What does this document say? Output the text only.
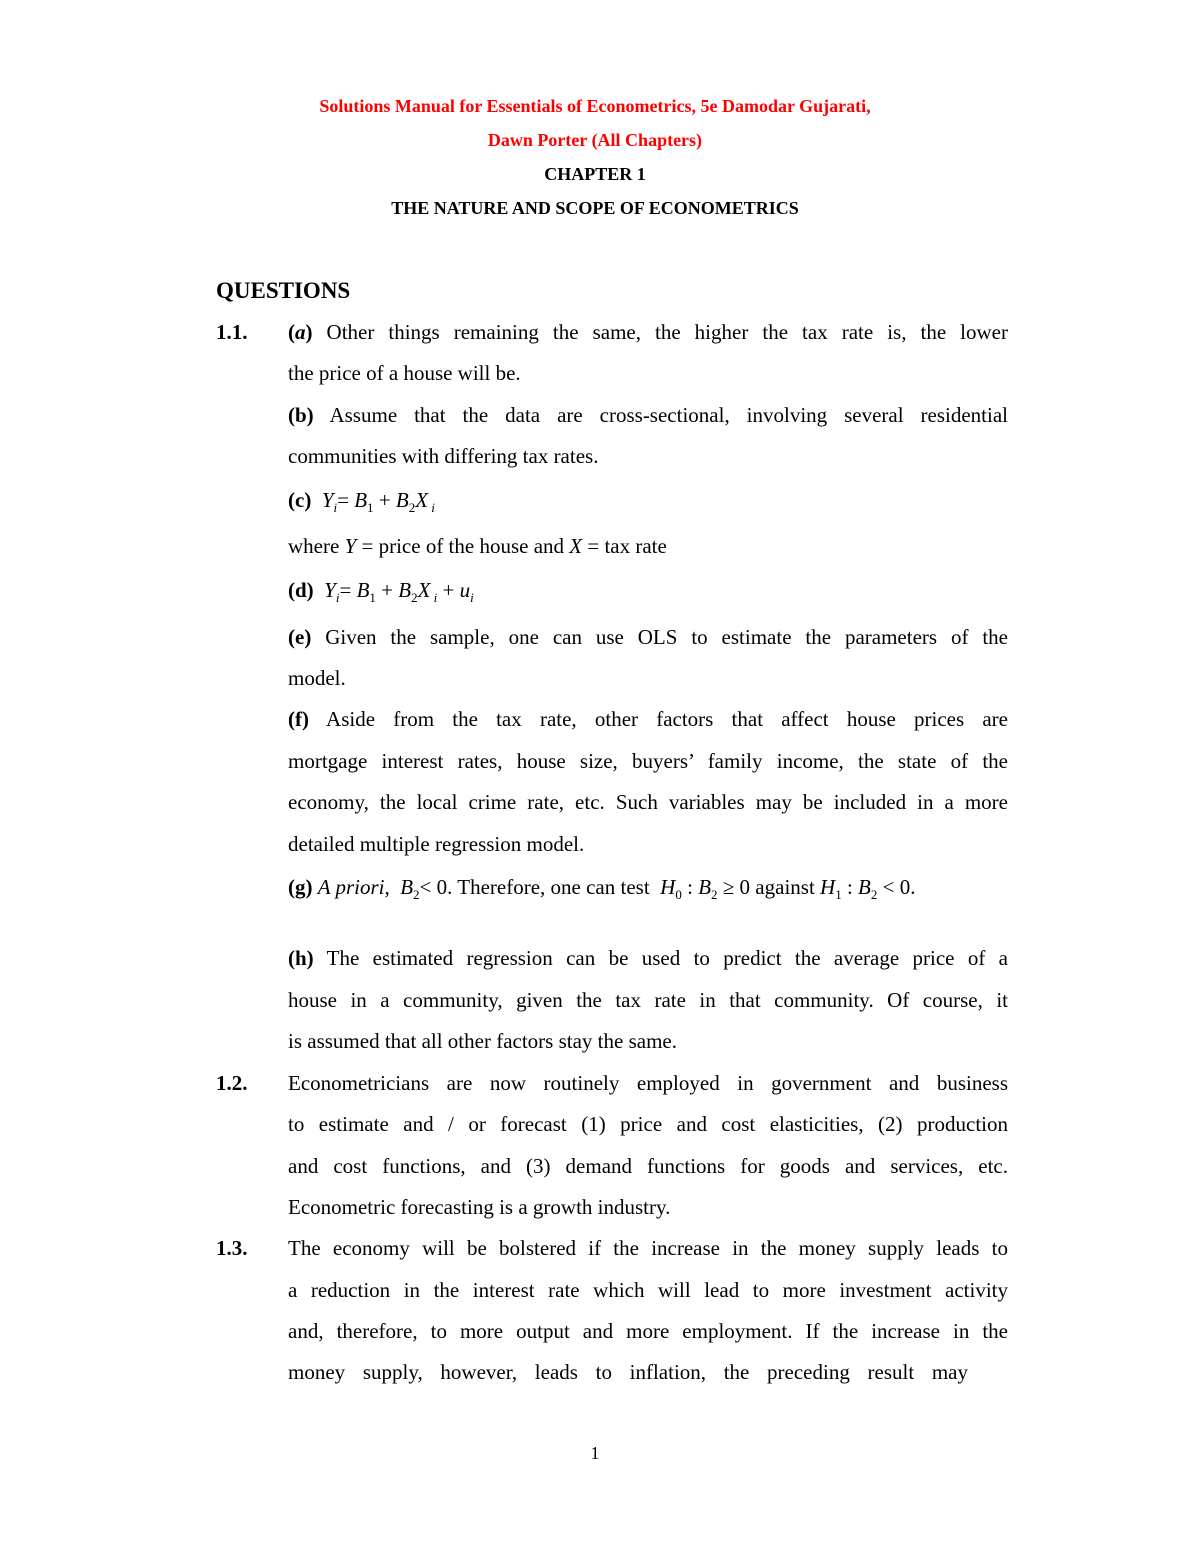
Solutions Manual for Essentials of Econometrics, 5e Damodar Gujarati,
Dawn Porter (All Chapters)
CHAPTER 1
THE NATURE AND SCOPE OF ECONOMETRICS
QUESTIONS
1.1. (a) Other things remaining the same, the higher the tax rate is, the lower
the price of a house will be.
(b) Assume that the data are cross-sectional, involving several residential
communities with differing tax rates.
(c) $Y_i= B_1 + B_2X$ $_i$
where Y = price of the house and X = tax rate
(d) $Y_i= B_1 + B_2X$ $_i + u_i$
(e) Given the sample, one can use OLS to estimate the parameters of the
model.
(f) Aside from the tax rate, other factors that affect house prices are
mortgage interest rates, house size, buyers’ family income, the state of the
economy, the local crime rate, etc. Such variables may be included in a more
detailed multiple regression model.
(g) A priori,  $B_2< 0$. Therefore, one can test $H_0$ : $B_2 \ge 0$ against $H_1$ : $B_2 < 0$.
(h) The estimated regression can be used to predict the average price of a
house in a community, given the tax rate in that community. Of course, it
is assumed that all other factors stay the same.
1.2. Econometricians are now routinely employed in government and business
to estimate and / or forecast (1) price and cost elasticities, (2) production
and cost functions, and (3) demand functions for goods and services, etc.
Econometric forecasting is a growth industry.
1.3. The economy will be bolstered if the increase in the money supply leads to
a reduction in the interest rate which will lead to more investment activity
and, therefore, to more output and more employment. If the increase in the
money supply, however, leads to inflation, the preceding result may
1
